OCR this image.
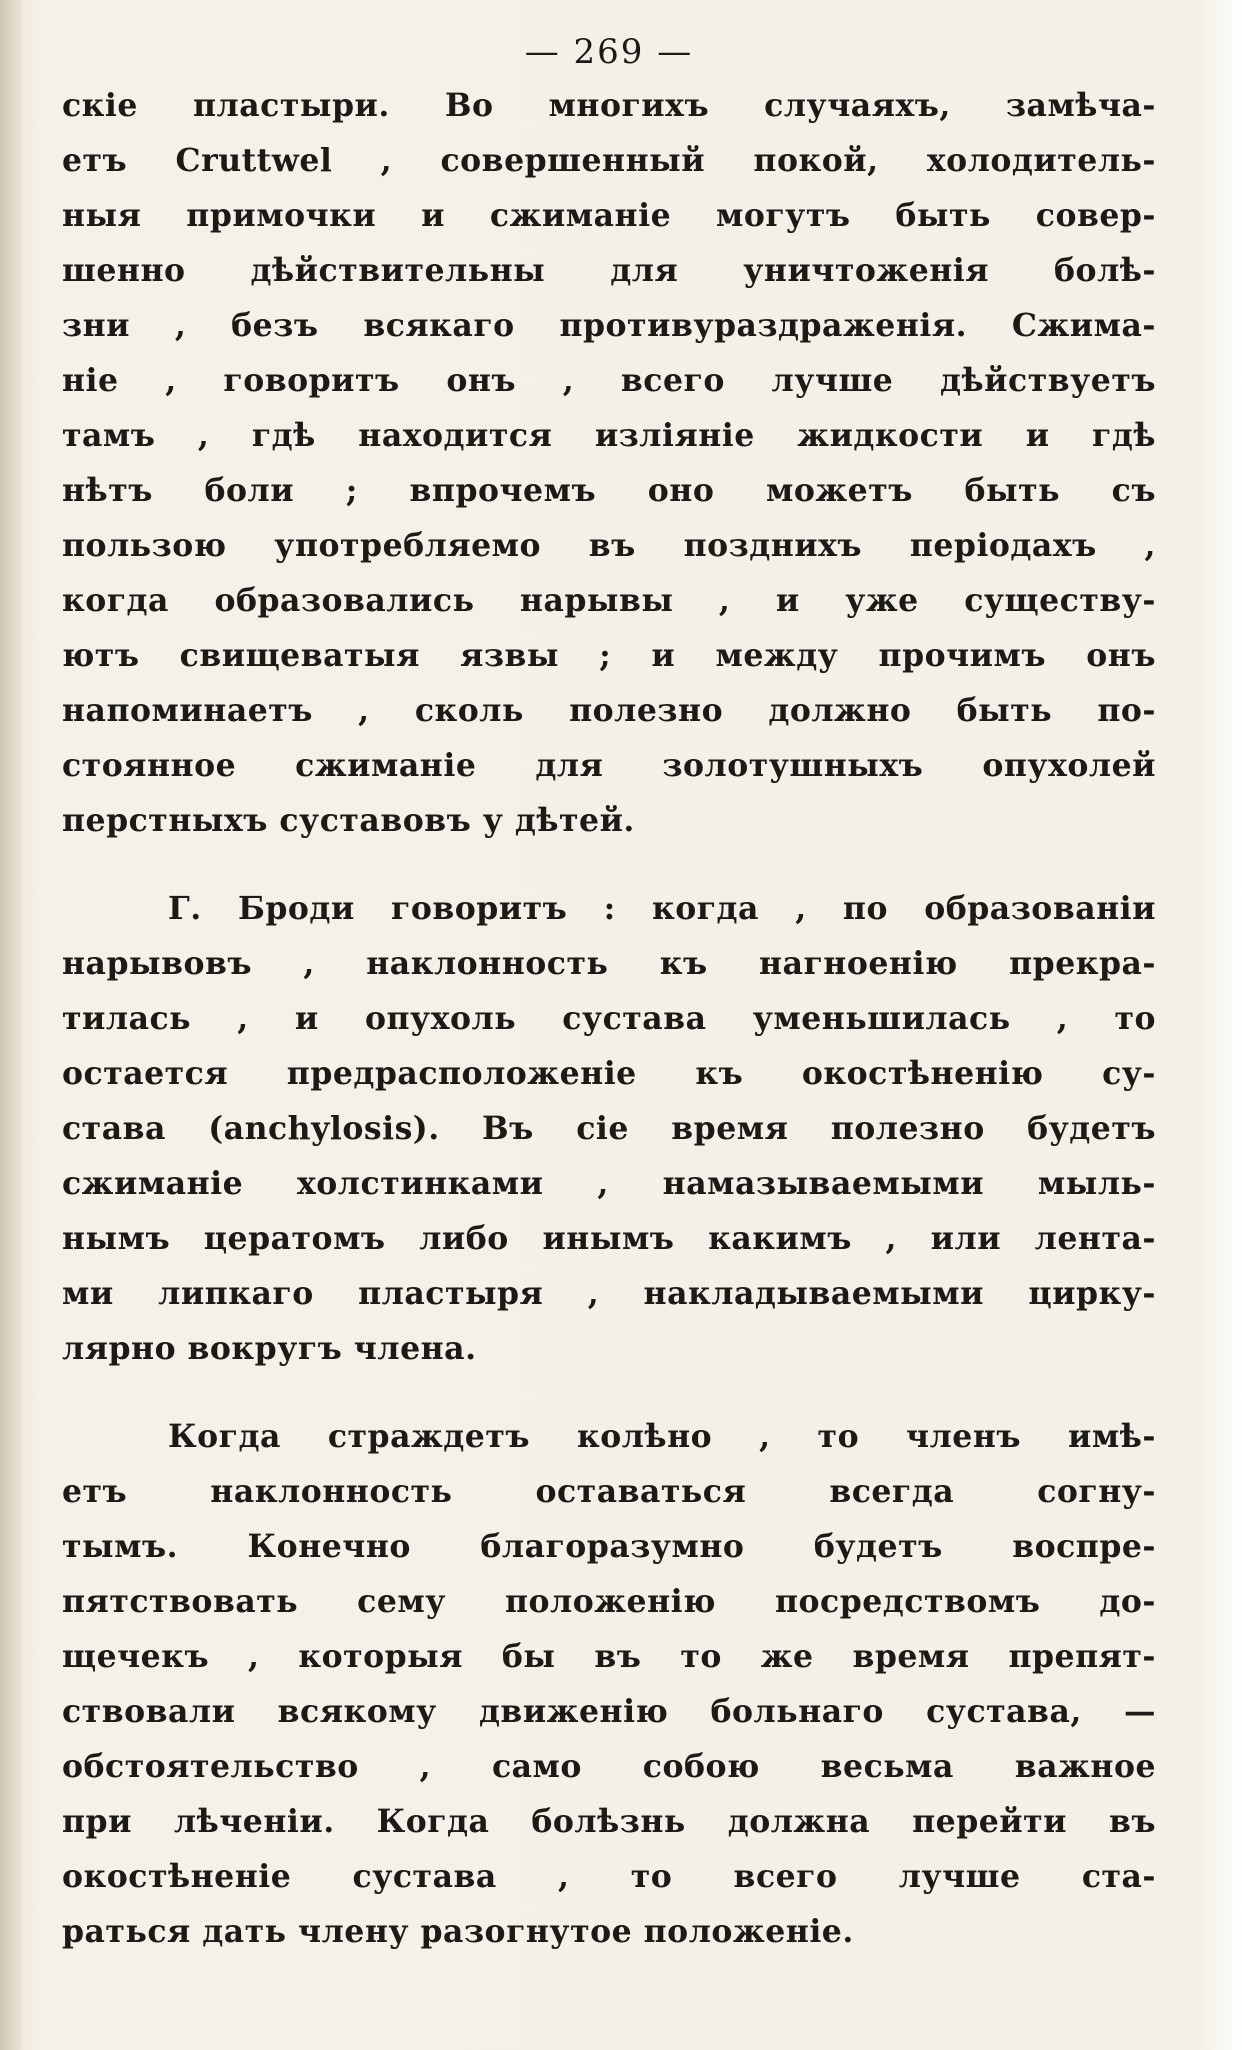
— 269 —
скіе пластыри. Во многихъ случаяхъ, замѣча-
етъ Cruttwel , совершенный покой, холодитель-
ныя примочки и сжиманіе могутъ быть совер-
шенно дѣйствительны для уничтоженія болѣ-
зни , безъ всякаго противураздраженія. Сжима-
ніе , говоритъ онъ , всего лучше дѣйствуетъ
тамъ , гдѣ находится изліяніе жидкости и гдѣ
нѣтъ боли ; впрочемъ оно можетъ быть съ
пользою употребляемо въ позднихъ періодахъ ,
когда образовались нарывы , и уже существу-
ютъ свищеватыя язвы ; и между прочимъ онъ
напоминаетъ , сколь полезно должно быть по-
стоянное сжиманіе для золотушныхъ опухолей
перстныхъ суставовъ у дѣтей.
Г. Броди говоритъ : когда , по образованіи
нарывовъ , наклонность къ нагноенію прекра-
тилась , и опухоль сустава уменьшилась , то
остается предрасположеніе къ окостѣненію су-
става (anchylosis). Въ сіе время полезно будетъ
сжиманіе холстинками , намазываемыми мыль-
нымъ цератомъ либо инымъ какимъ , или лента-
ми липкаго пластыря , накладываемыми цирку-
лярно вокругъ члена.
Когда страждетъ колѣно , то членъ имѣ-
етъ наклонность оставаться всегда согну-
тымъ. Конечно благоразумно будетъ воспре-
пятствовать сему положенію посредствомъ до-
щечекъ , которыя бы въ то же время препят-
ствовали всякому движенію больнаго сустава, —
обстоятельство , само собою весьма важное
при лѣченіи. Когда болѣзнь должна перейти въ
окостѣненіе сустава , то всего лучше ста-
раться дать члену разогнутое положеніе.
